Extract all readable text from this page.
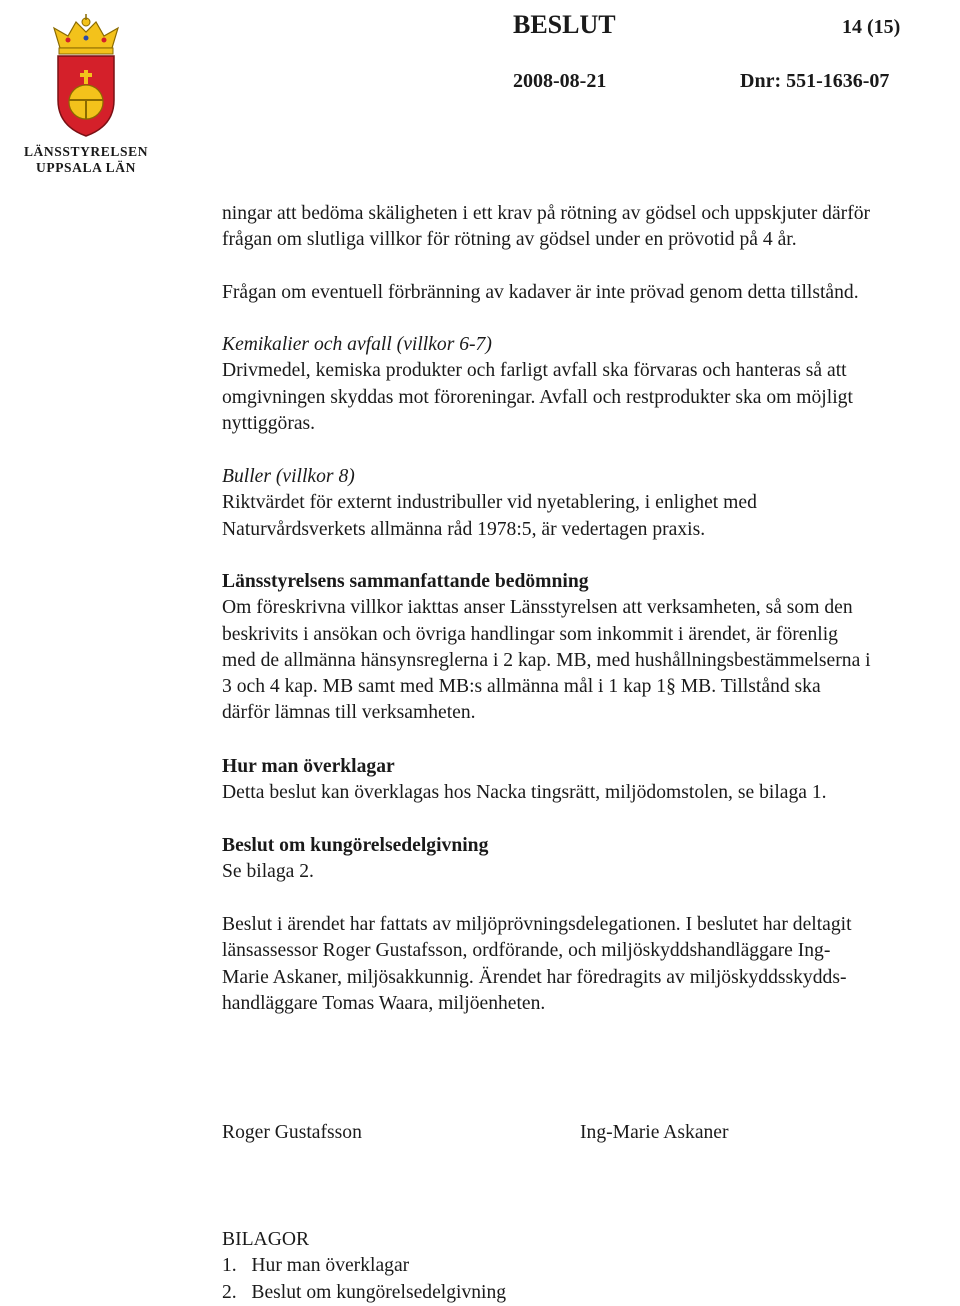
LÄNSSTYRELSEN
UPPSALA LÄN
BESLUT	14 (15)
2008-08-21	Dnr: 551-1636-07

ningar att bedöma skäligheten i ett krav på rötning av gödsel och uppskjuter därför

frågan om slutliga villkor för rötning av gödsel under en prövotid på 4 år.

Frågan om eventuell förbränning av kadaver är inte prövad genom detta tillstånd.

Kemikalier och avfall (villkor 6-7)

Drivmedel, kemiska produkter och farligt avfall ska förvaras och hanteras så att

omgivningen skyddas mot föroreningar. Avfall och restprodukter ska om möjligt

nyttiggöras.

Buller (villkor 8)

Riktvärdet för externt industribuller vid nyetablering, i enlighet med

Naturvårdsverkets allmänna råd 1978:5, är vedertagen praxis.

Länsstyrelsens sammanfattande bedömning

Om föreskrivna villkor iakttas anser Länsstyrelsen att verksamheten, så som den

beskrivits i ansökan och övriga handlingar som inkommit i ärendet, är förenlig

med de allmänna hänsynsreglerna i 2 kap. MB, med hushållningsbestämmelserna i

3 och 4 kap. MB samt med MB:s allmänna mål i 1 kap 1§ MB. Tillstånd ska

därför lämnas till verksamheten.

Hur man överklagar

Detta beslut kan överklagas hos Nacka tingsrätt, miljödomstolen, se bilaga 1.

Beslut om kungörelsedelgivning

Se bilaga 2.

Beslut i ärendet har fattats av miljöprövningsdelegationen. I beslutet har deltagit

länsassessor Roger Gustafsson, ordförande, och miljöskyddshandläggare Ing-

Marie Askaner, miljösakkunnig. Ärendet har föredragits av miljöskyddsskydds-

handläggare Tomas Waara, miljöenheten.

Roger Gustafsson	Ing-Marie Askaner

BILAGOR

1.   Hur man överklagar

2.   Beslut om kungörelsedelgivning
